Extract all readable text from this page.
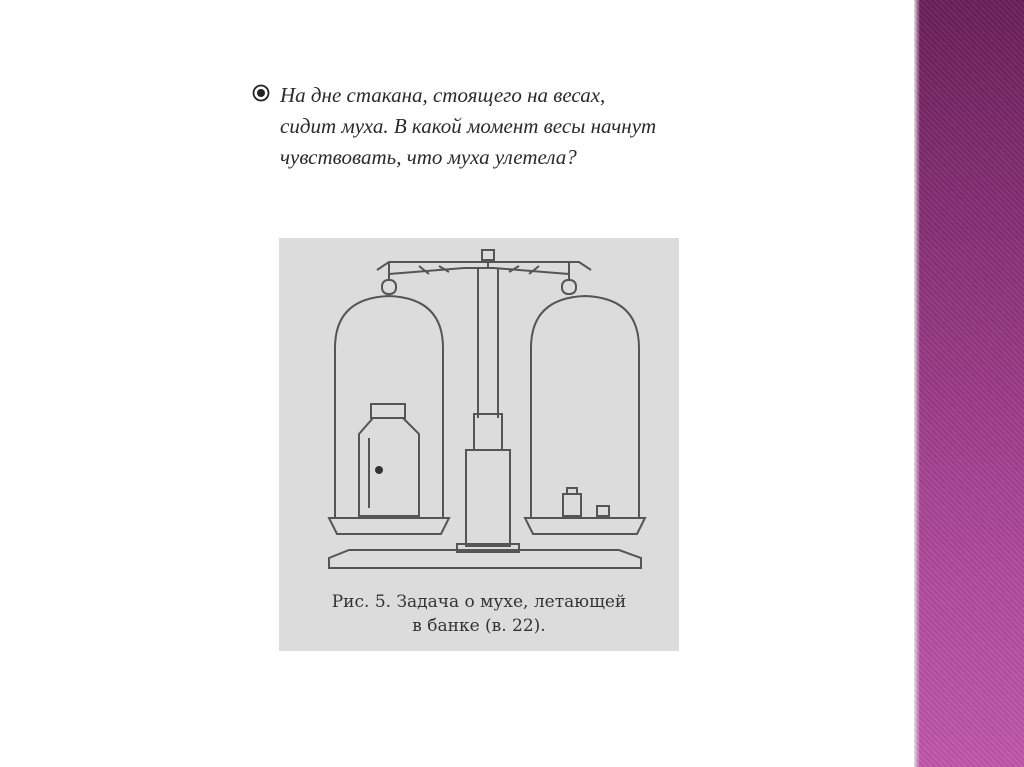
На дне стакана, стоящего на весах,
сидит муха. В какой момент весы начнут
чувствовать, что муха улетела?
Рис. 5. Задача о мухе, летающей
в банке (в. 22).
